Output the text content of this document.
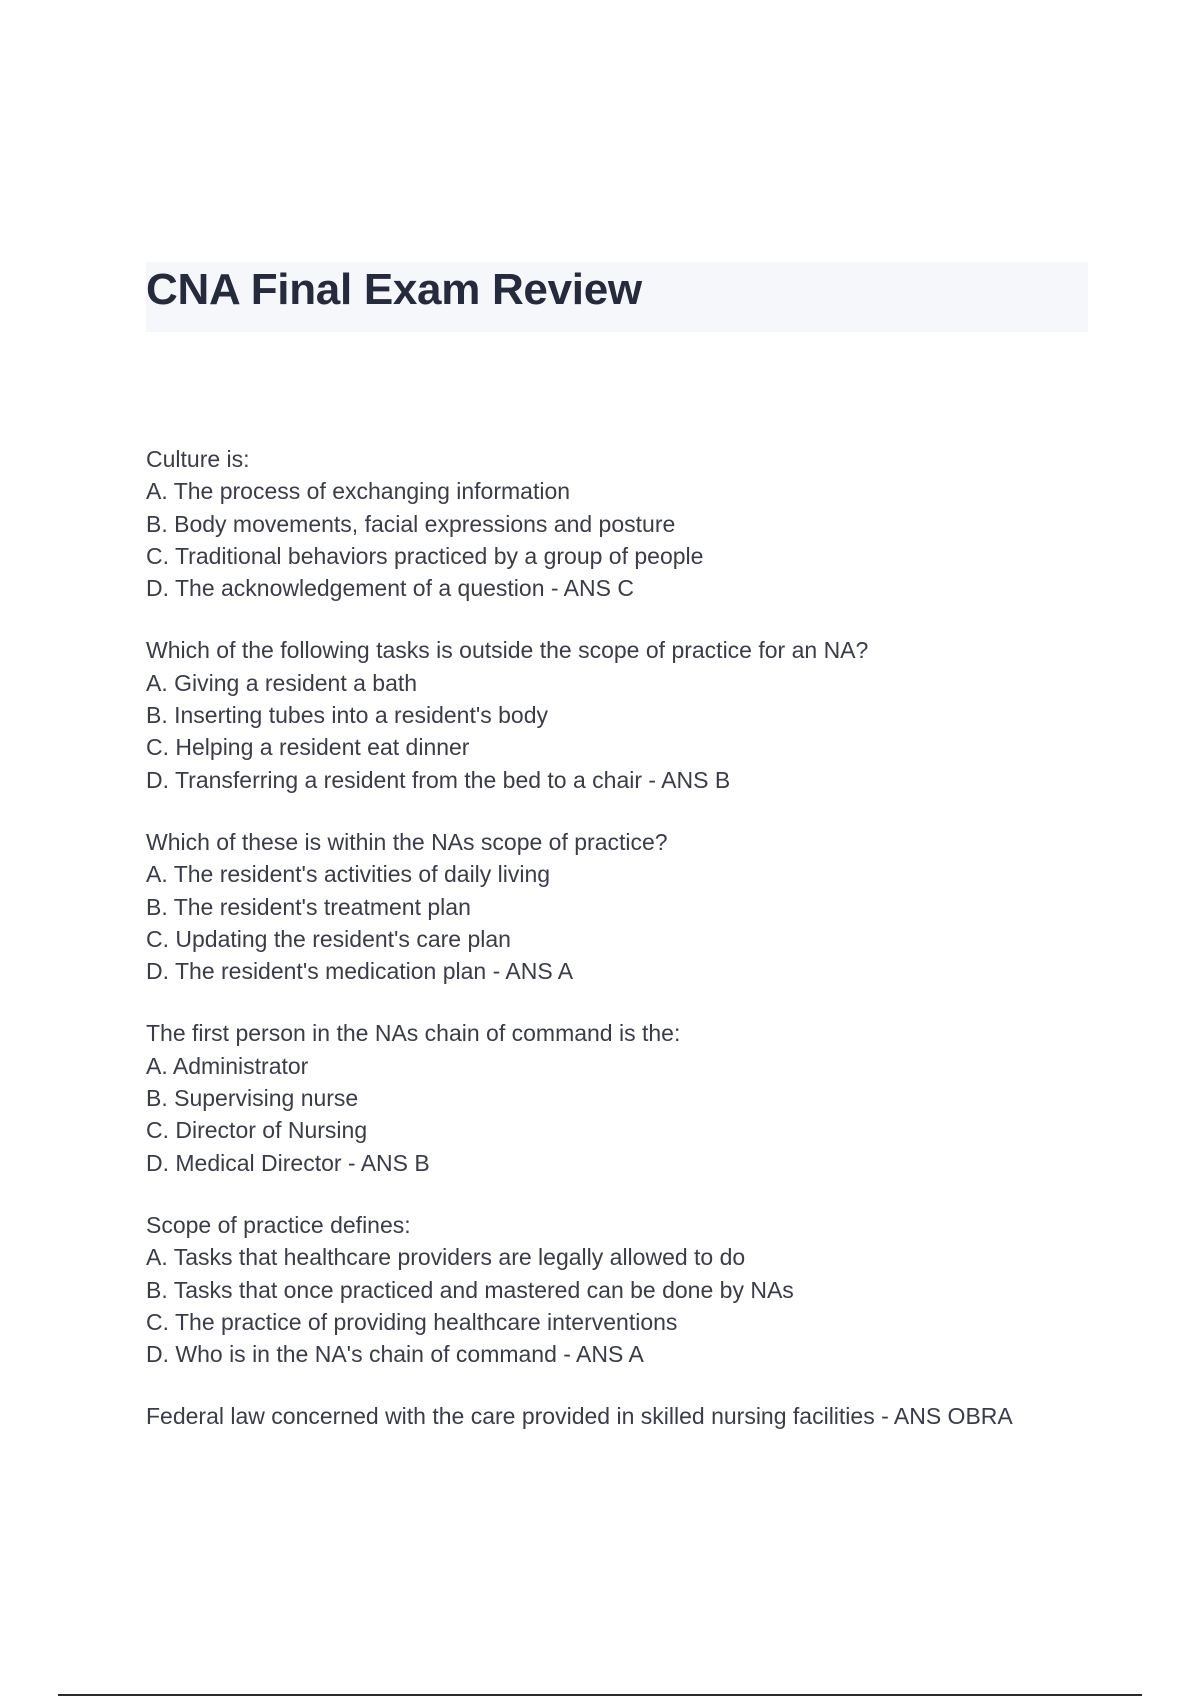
CNA Final Exam Review
Culture is:
A. The process of exchanging information
B. Body movements, facial expressions and posture
C. Traditional behaviors practiced by a group of people
D. The acknowledgement of a question - ANS C
Which of the following tasks is outside the scope of practice for an NA?
A. Giving a resident a bath
B. Inserting tubes into a resident's body
C. Helping a resident eat dinner
D. Transferring a resident from the bed to a chair - ANS B
Which of these is within the NAs scope of practice?
A. The resident's activities of daily living
B. The resident's treatment plan
C. Updating the resident's care plan
D. The resident's medication plan - ANS A
The first person in the NAs chain of command is the:
A. Administrator
B. Supervising nurse
C. Director of Nursing
D. Medical Director - ANS B
Scope of practice defines:
A. Tasks that healthcare providers are legally allowed to do
B. Tasks that once practiced and mastered can be done by NAs
C. The practice of providing healthcare interventions
D. Who is in the NA's chain of command - ANS A
Federal law concerned with the care provided in skilled nursing facilities - ANS OBRA
